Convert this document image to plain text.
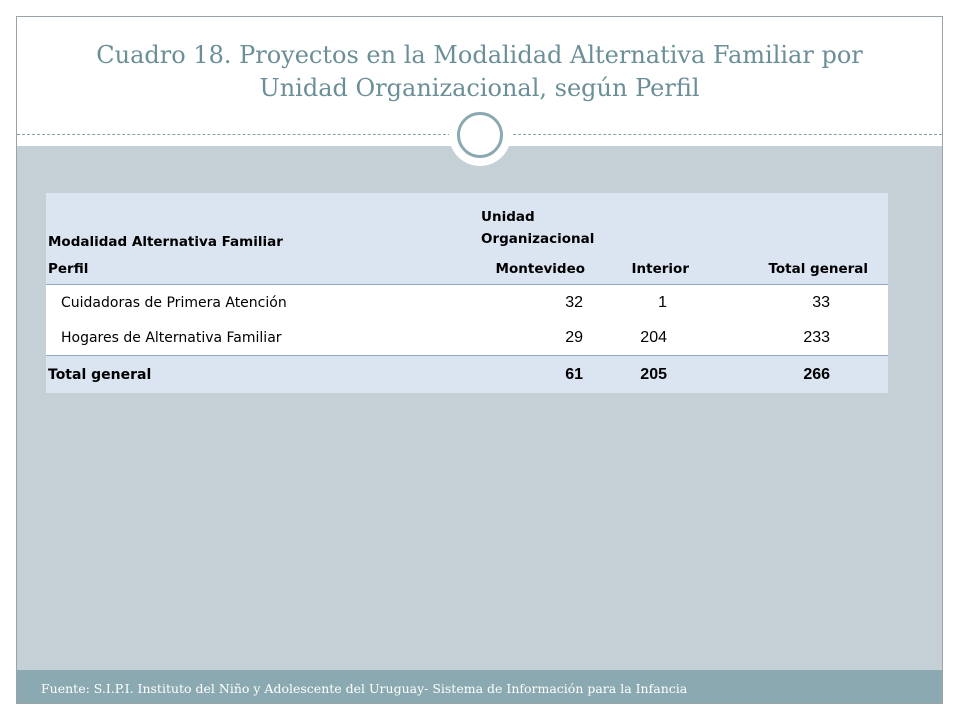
Cuadro 18. Proyectos en la Modalidad Alternativa Familiar por Unidad Organizacional, según Perfil
Modalidad Alternativa Familiar	Unidad Organizacional		
Perfil	Montevideo	Interior	Total general
Cuidadoras de Primera Atención	32	1	33
Hogares de Alternativa Familiar	29	204	233
Total general	61	205	266

Fuente: S.I.P.I. Instituto del Niño y Adolescente del Uruguay- Sistema de Información para la Infancia
